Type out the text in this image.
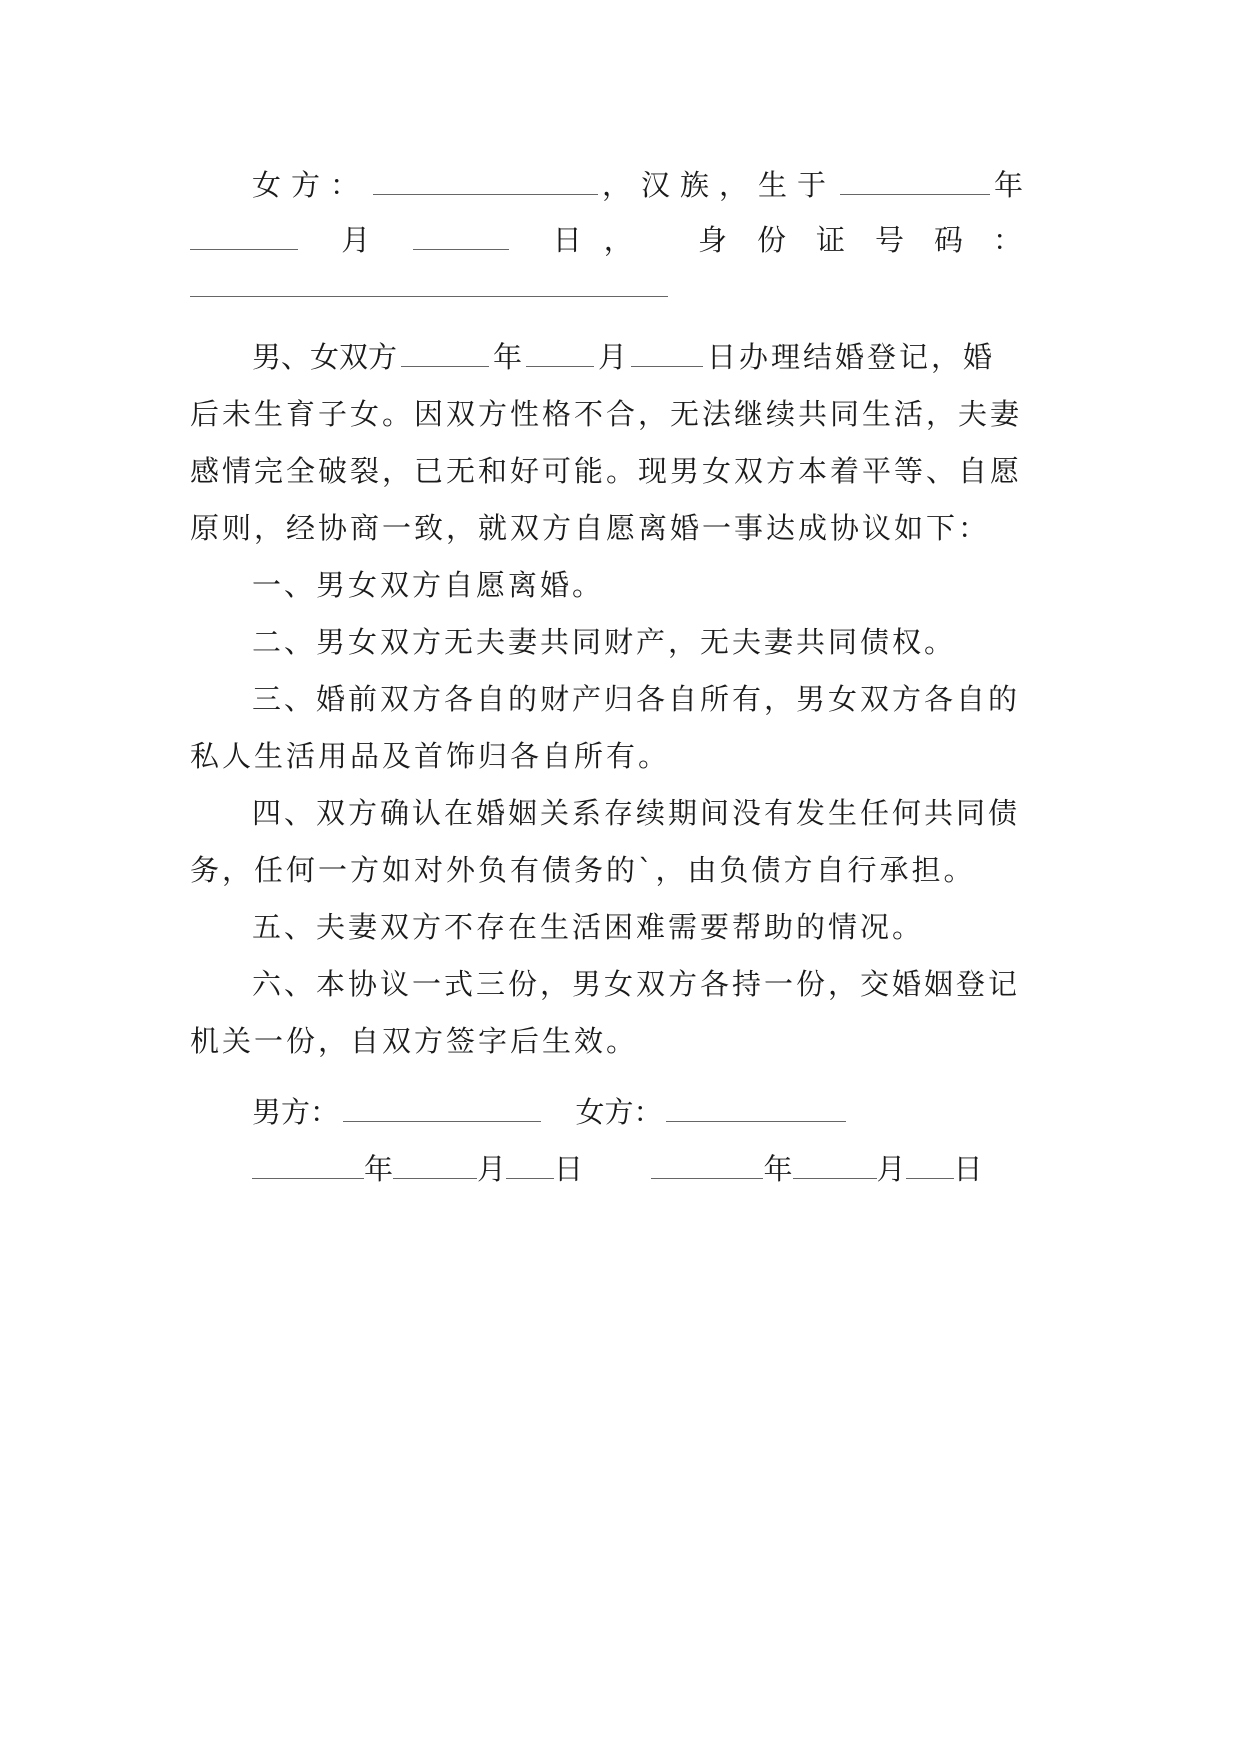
女方：	，汉族，生于	年
月	日， 身份证号码：
男、女双方	年	月	日办理结婚登记，婚
后未生育子女。因双方性格不合，无法继续共同生活，夫妻
感情完全破裂，已无和好可能。现男女双方本着平等、自愿
原则，经协商一致，就双方自愿离婚一事达成协议如下：
一、男女双方自愿离婚。
二、男女双方无夫妻共同财产，无夫妻共同债权。
三、婚前双方各自的财产归各自所有，男女双方各自的
私人生活用品及首饰归各自所有。
四、双方确认在婚姻关系存续期间没有发生任何共同债
务，任何一方如对外负有债务的`，由负债方自行承担。
五、夫妻双方不存在生活困难需要帮助的情况。
六、本协议一式三份，男女双方各持一份，交婚姻登记
机关一份，自双方签字后生效。
男方：	女方：
年	月 日	年	月 日
